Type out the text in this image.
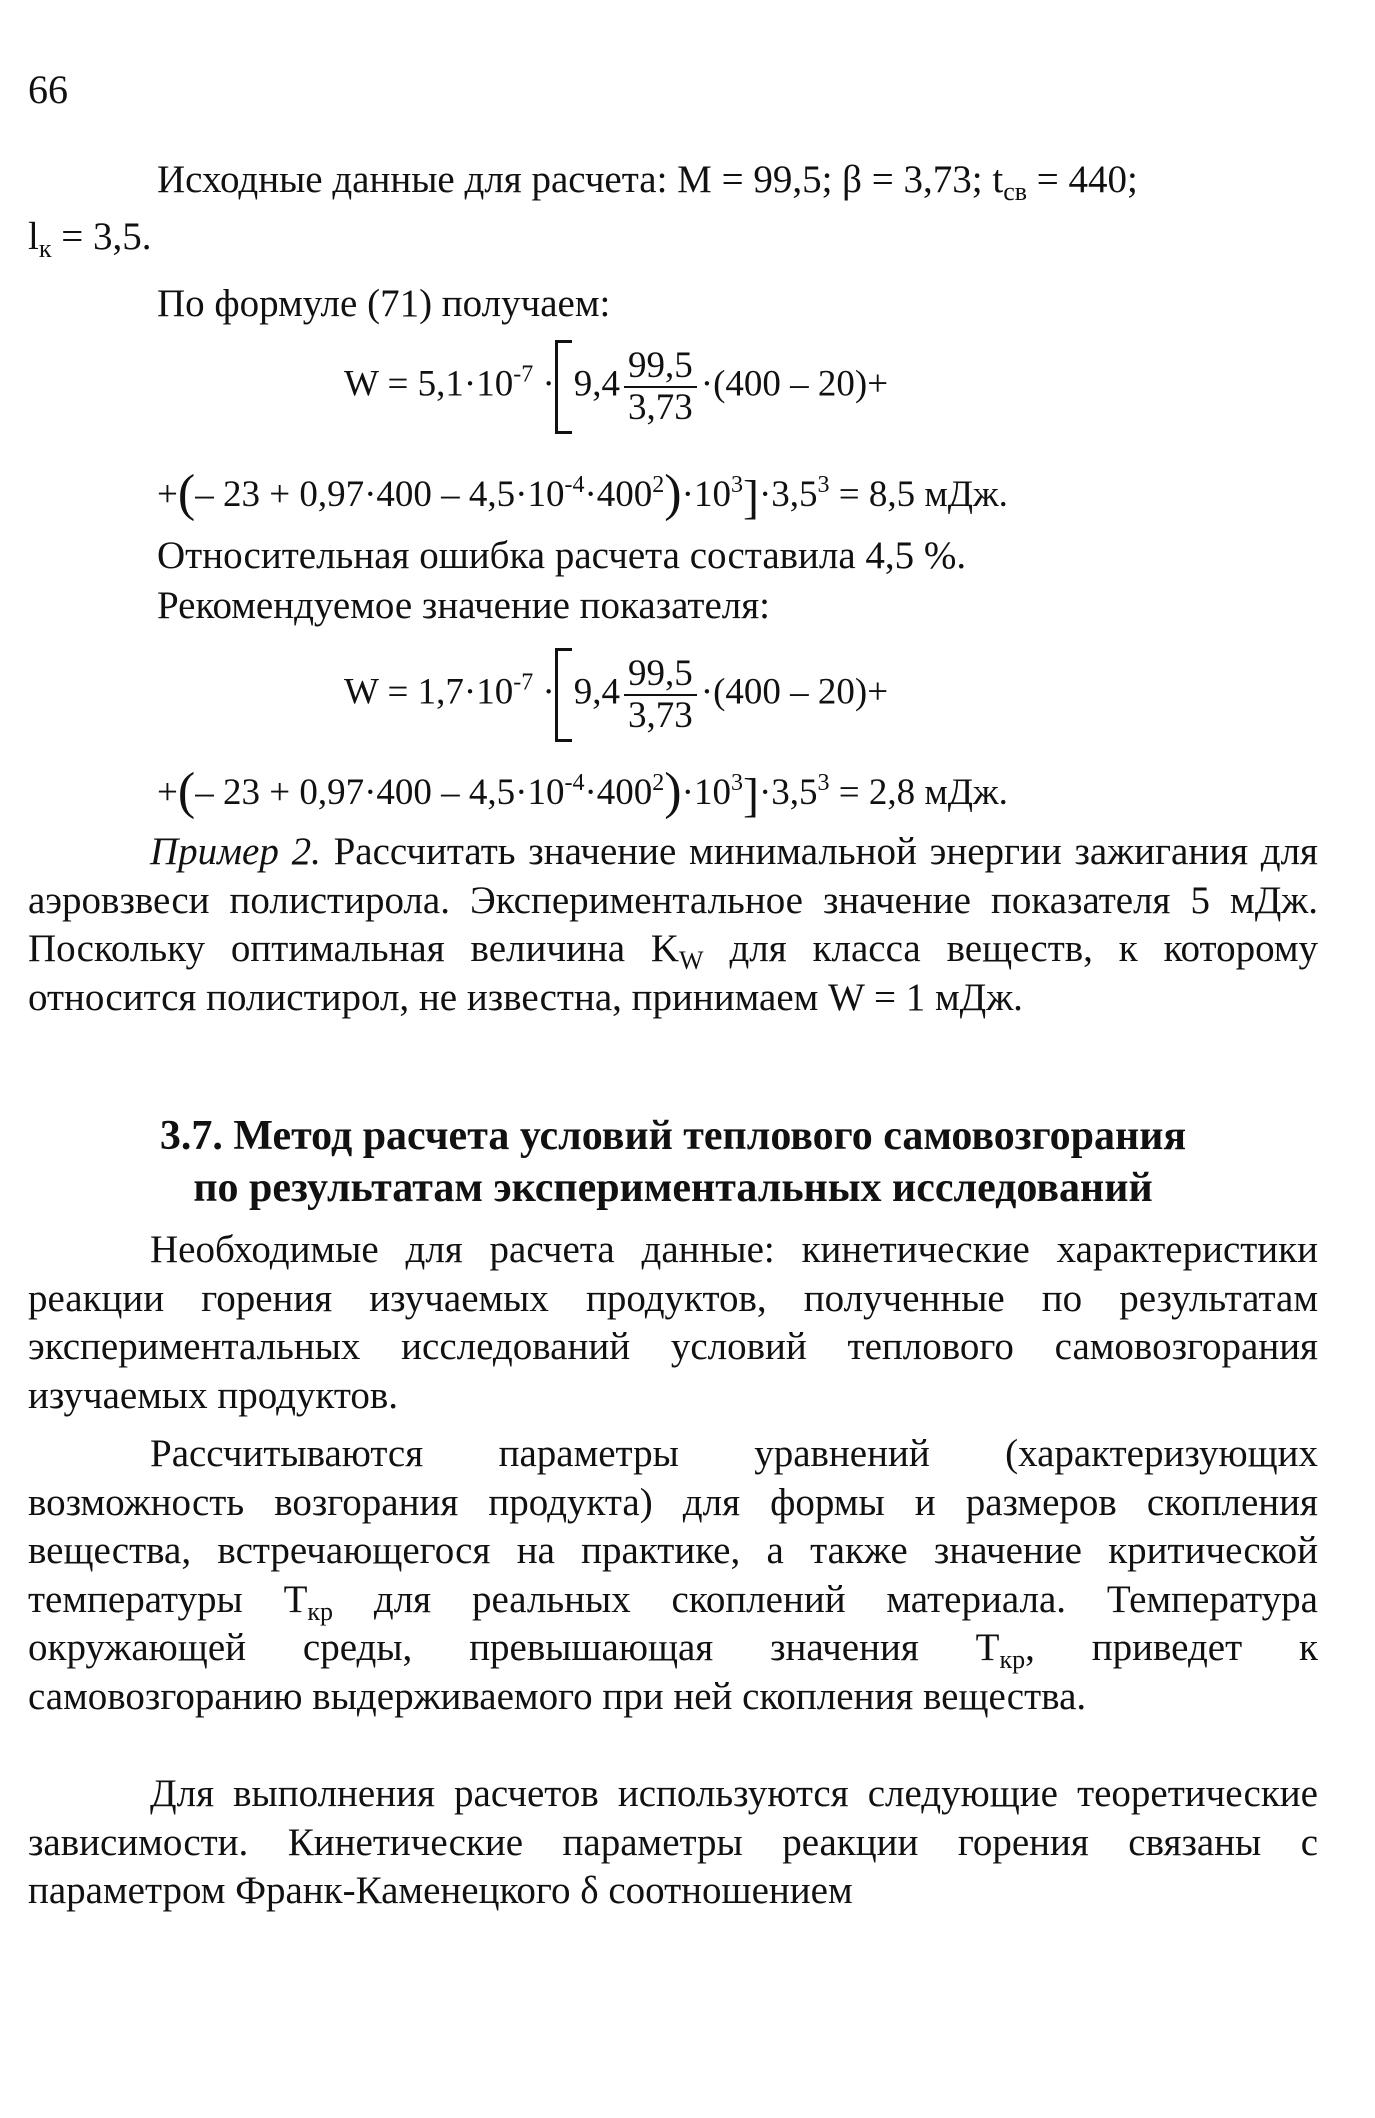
66
Исходные данные для расчета: М = 99,5; β = 3,73; $t_{св} = 440$;
$l_к = 3,5$.
По формуле (71) получаем:
$W = 5,1\cdot 10^{-7} \cdot 9,4 \frac{99,5}{3,73} \cdot(400 - 20)+$
+(– $23 + 0,97\cdot 400 - 4,5\cdot 10^{-4}\cdot 400^2)\cdot 10^3]\cdot 3,5^3 = 8,5$ мДж.
Относительная ошибка расчета составила 4,5 %.
Рекомендуемое значение показателя:
$W = 1,7\cdot 10^{-7} \cdot 9,4 \frac{99,5}{3,73} \cdot(400 - 20)+$
+(– $23 + 0,97\cdot 400 - 4,5\cdot 10^{-4}\cdot 400^2)\cdot 10^3]\cdot 3,5^3 = 2,8$ мДж.
Пример 2. Рассчитать значение минимальной энергии зажигания для аэровзвеси полистирола. Экспериментальное значение показателя 5 мДж. Поскольку оптимальная величина $K_W$ для класса веществ, к которому относится полистирол, не известна, принимаем W = 1 мДж.
3.7. Метод расчета условий теплового самовозгорания
по результатам экспериментальных исследований
Необходимые для расчета данные: кинетические характеристики реакции горения изучаемых продуктов, полученные по результатам экспериментальных исследований условий теплового самовозгорания изучаемых продуктов.
Рассчитываются параметры уравнений (характеризующих возможность возгорания продукта) для формы и размеров скопления вещества, встречающегося на практике, а также значение критической температуры $T_{кр}$ для реальных скоплений материала. Температура окружающей среды, превышающая значения $T_{кр}$, приведет к самовозгоранию выдерживаемого при ней скопления вещества.
Для выполнения расчетов используются следующие теоретические зависимости. Кинетические параметры реакции горения связаны с параметром Франк-Каменецкого δ соотношением
